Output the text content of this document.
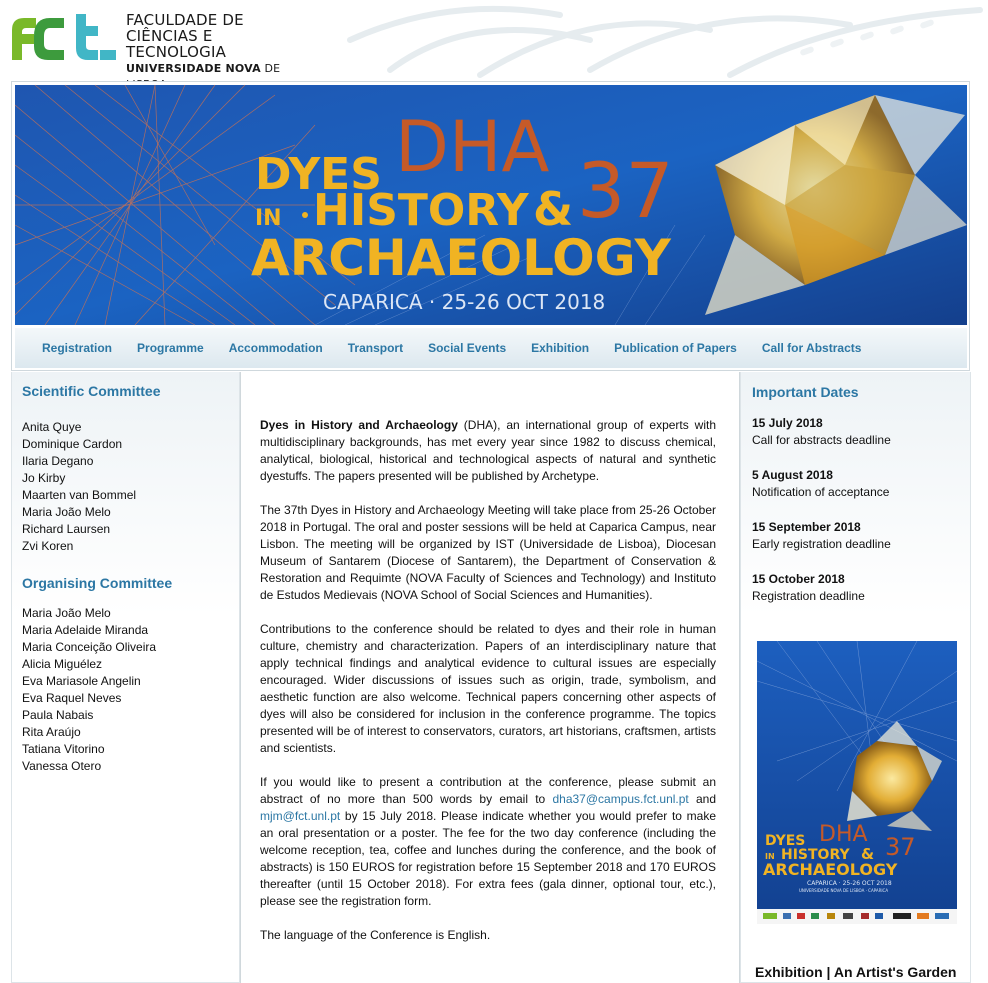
FACULDADE DE
CIÊNCIAS E TECNOLOGIA
UNIVERSIDADE NOVA DE
DYES
IN HISTORY &
ARCHAEOLOGY
DHA 37
CAPARICA · 25-26 OCT 2018
Registration Programme Accommodation Transport Social Events Exhibition Publication of Papers Call for Abstracts
Scientific Committee
Anita Quye
Dominique Cardon
Ilaria Degano
Jo Kirby
Maarten van Bommel
Maria João Melo
Richard Laursen
Zvi Koren
Organising Committee
Maria João Melo
Maria Adelaide Miranda
Maria Conceição Oliveira
Alicia Miguélez
Eva Mariasole Angelin
Eva Raquel Neves
Paula Nabais
Rita Araújo
Tatiana Vitorino
Vanessa Otero

Dyes in History and Archaeology (DHA), an international group of experts with multidisciplinary backgrounds, has met every year since 1982 to discuss chemical, analytical, biological, historical and technological aspects of natural and synthetic dyestuffs. The papers presented will be published by Archetype.

The 37th Dyes in History and Archaeology Meeting will take place from 25-26 October 2018 in Portugal. The oral and poster sessions will be held at Caparica Campus, near Lisbon. The meeting will be organized by IST (Universidade de Lisboa), Diocesan Museum of Santarem (Diocese of Santarem), the Department of Conservation & Restoration and Requimte (NOVA Faculty of Sciences and Technology) and Instituto de Estudos Medievais (NOVA School of Social Sciences and Humanities).

Contributions to the conference should be related to dyes and their role in human culture, chemistry and characterization. Papers of an interdisciplinary nature that apply technical findings and analytical evidence to cultural issues are especially encouraged. Wider discussions of issues such as origin, trade, symbolism, and aesthetic function are also welcome. Technical papers concerning other aspects of dyes will also be considered for inclusion in the conference programme. The topics presented will be of interest to conservators, curators, art historians, craftsmen, artists and scientists.

If you would like to present a contribution at the conference, please submit an abstract of no more than 500 words by email to dha37@campus.fct.unl.pt and mjm@fct.unl.pt by 15 July 2018. Please indicate whether you would prefer to make an oral presentation or a poster. The fee for the two day conference (including the welcome reception, tea, coffee and lunches during the conference, and the book of abstracts) is 150 EUROS for registration before 15 September 2018 and 170 EUROS thereafter (until 15 October 2018). For extra fees (gala dinner, optional tour, etc.), please see the registration form.

The language of the Conference is English.

Important Dates
15 July 2018
Call for abstracts deadline
5 August 2018
Notification of acceptance
15 September 2018
Early registration deadline
15 October 2018
Registration deadline
DHA 37
DYES
IN HISTORY &
ARCHAEOLOGY
CAPARICA · 25-26 OCT 2018
UNIVERSIDADE NOVA DE LISBOA · CAPARICA
Exhibition | An Artist's Garden
